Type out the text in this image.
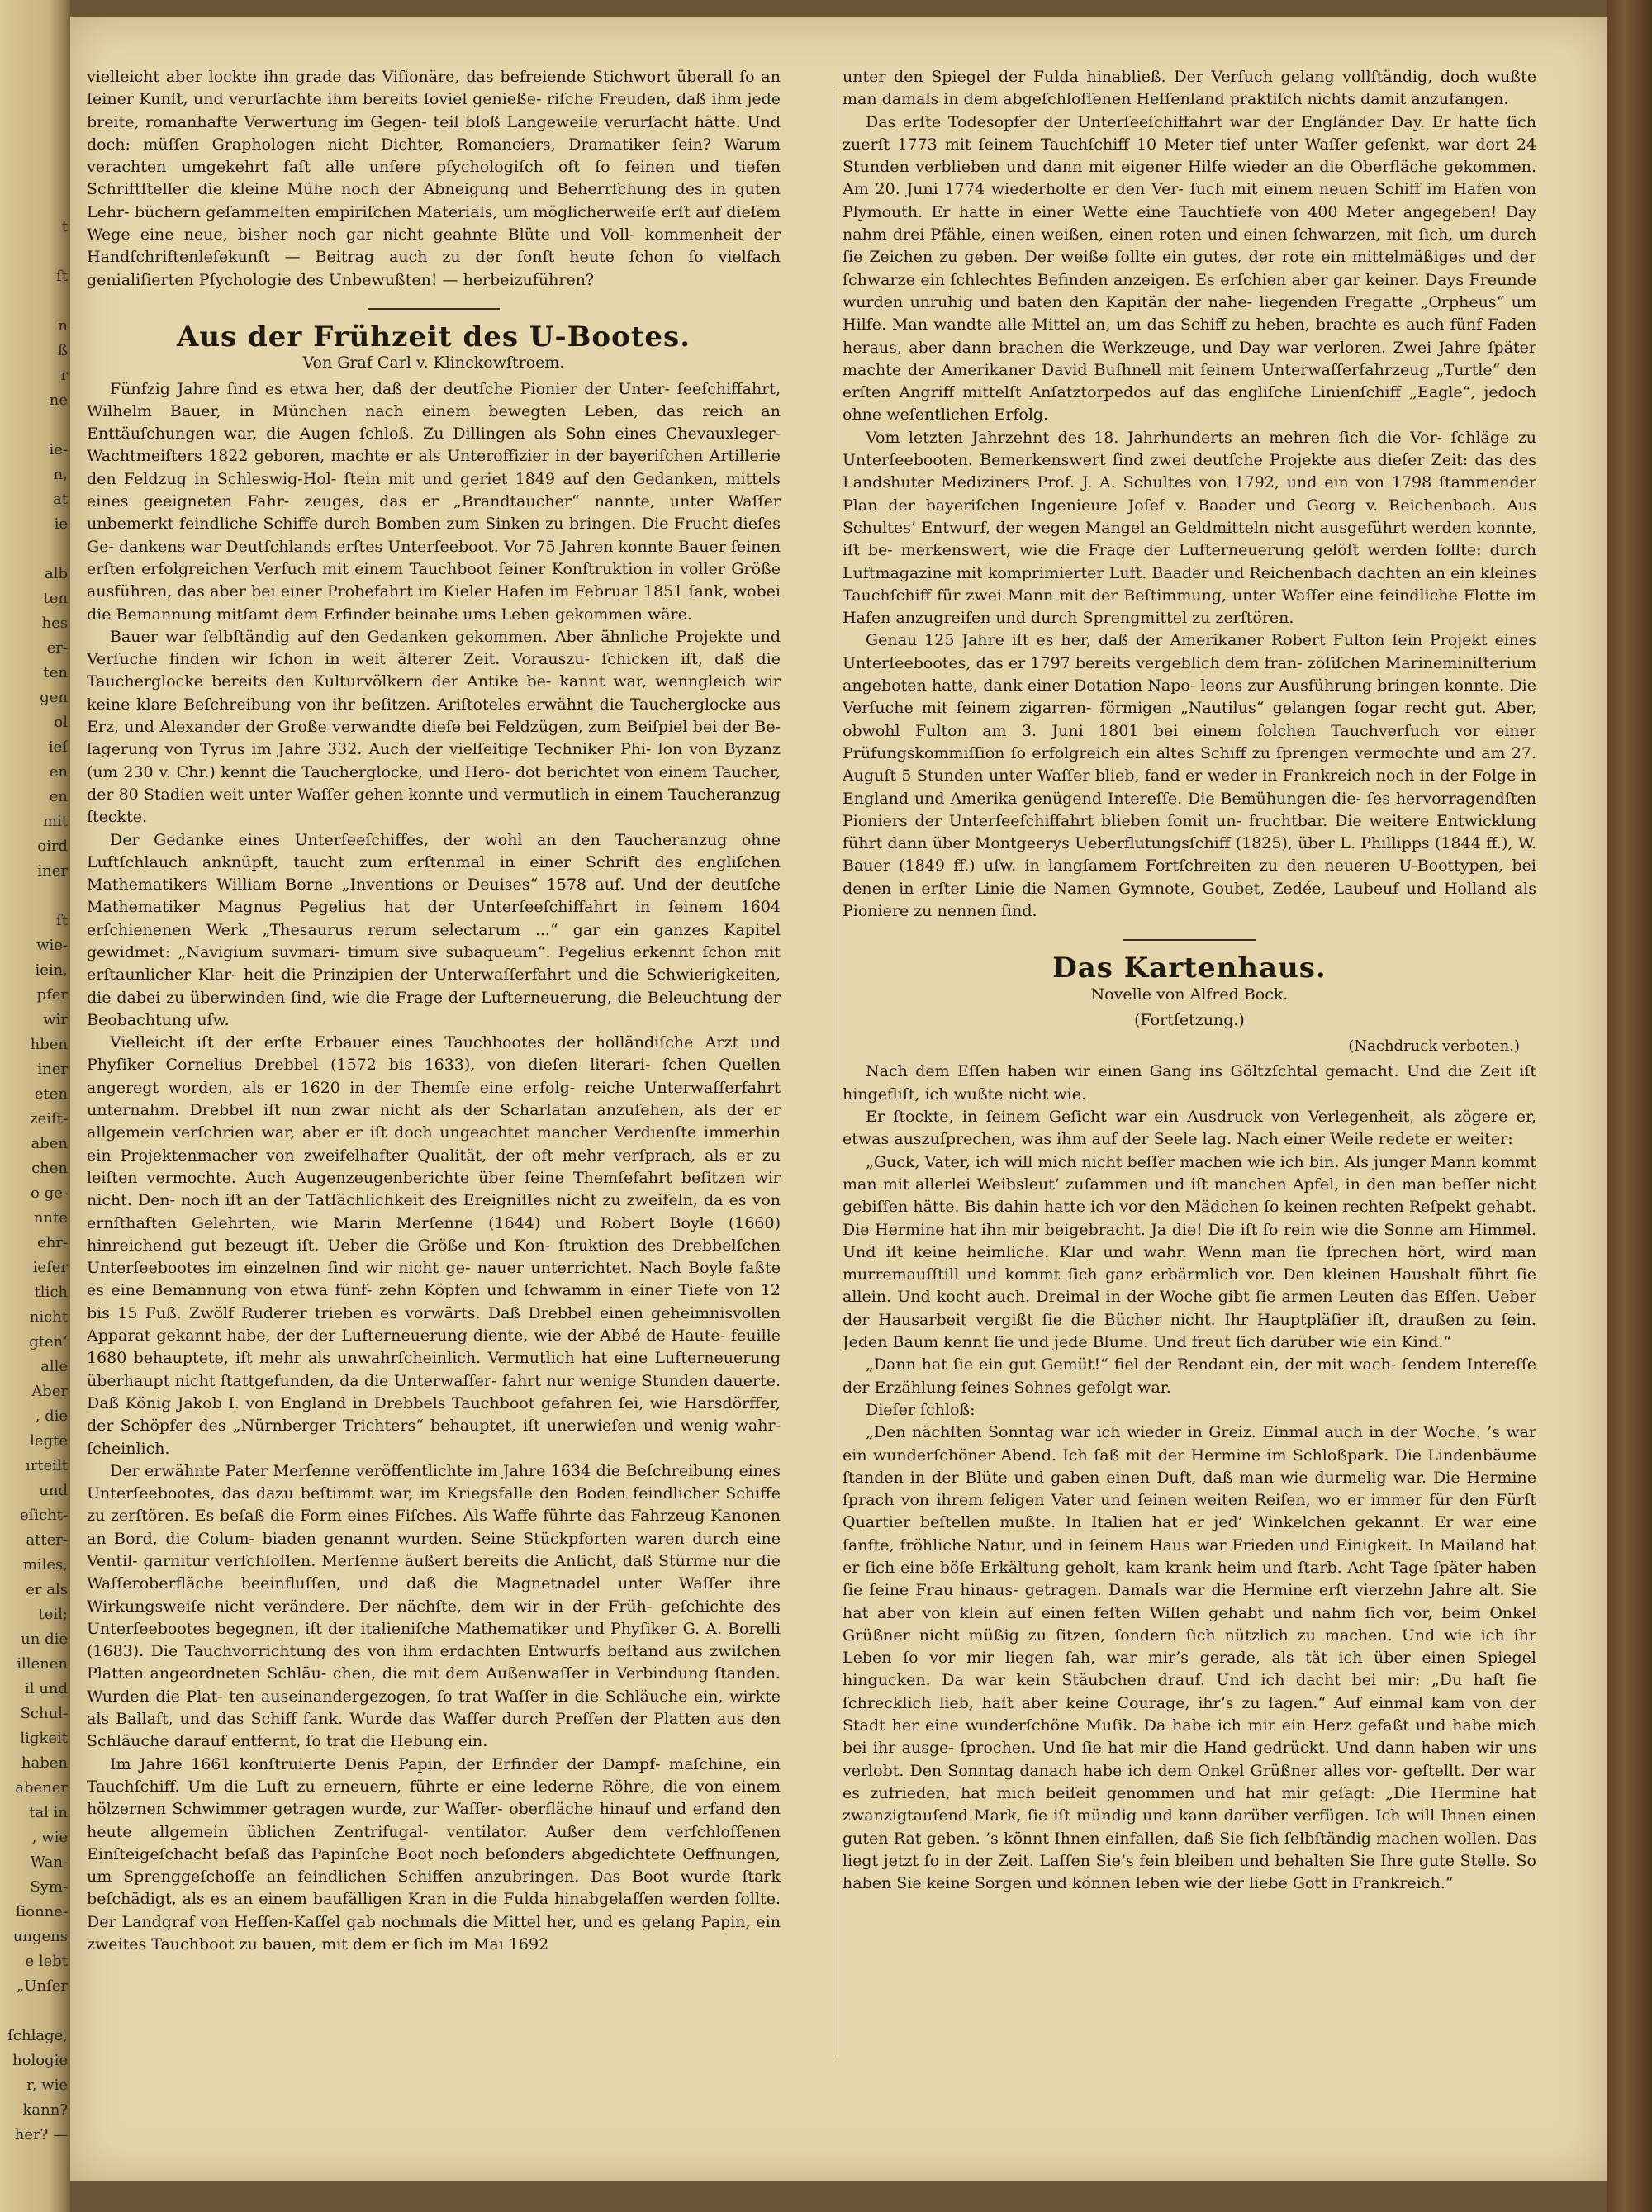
t

ſt

n
ß
r
ne

ie‐
n,
at
ie

alb
ten
hes
er‐
ten
gen
ol
ieſ
en
en
mit
oird
iner

ſt
wie‐
iein,
pfer
wir
hben
iner
eten
zeiſt‐
aben
chen
o ge‐
nnte
ehr‐
ieſer
tlich
nicht
gten‘
alle
Aber
‚ die
legte
ırteilt
und
eſicht‐
atter‐
miles,
er als
teil;
un die
illenen
il und
Schul‐
ligkeit
haben
abener
tal in
, wie
Wan‐
Sym‐
ſionne‐
ungens
e lebt
„Unſer

ſchlage,
hologie
r, wie
kann?
her? —

vielleicht aber lockte ihn grade das Viſionäre, das befreiende Stichwort überall ſo an ſeiner Kunſt, und verurſachte ihm bereits ſoviel genieße‐ riſche Freuden, daß ihm jede breite, romanhafte Verwertung im Gegen‐ teil bloß Langeweile verurſacht hätte. Und doch: müſſen Graphologen nicht Dichter, Romanciers, Dramatiker ſein? Warum verachten umgekehrt faſt alle unſere pſychologiſch oft ſo feinen und tiefen Schriftſteller die kleine Mühe noch der Abneigung und Beherrſchung des in guten Lehr‐ büchern geſammelten empiriſchen Materials, um möglicherweiſe erſt auf dieſem Wege eine neue, bisher noch gar nicht geahnte Blüte und Voll‐ kommenheit der Handſchriftenleſekunſt — Beitrag auch zu der ſonſt heute ſchon ſo vielfach genialiſierten Pſychologie des Unbewußten! — herbeizuführen?

Aus der Frühzeit des U‐Bootes.
Von Graf Carl v. Klinckowſtroem.

Fünfzig Jahre ſind es etwa her, daß der deutſche Pionier der Unter‐ ſeeſchiffahrt, Wilhelm Bauer, in München nach einem bewegten Leben, das reich an Enttäuſchungen war, die Augen ſchloß. Zu Dillingen als Sohn eines Chevauxleger‐Wachtmeiſters 1822 geboren, machte er als Unteroffizier in der bayeriſchen Artillerie den Feldzug in Schleswig‐Hol‐ ſtein mit und geriet 1849 auf den Gedanken, mittels eines geeigneten Fahr‐ zeuges, das er „Brandtaucher“ nannte, unter Waſſer unbemerkt feindliche Schiffe durch Bomben zum Sinken zu bringen. Die Frucht dieſes Ge‐ dankens war Deutſchlands erſtes Unterſeeboot. Vor 75 Jahren konnte Bauer ſeinen erſten erfolgreichen Verſuch mit einem Tauchboot ſeiner Konſtruktion in voller Größe ausführen, das aber bei einer Probefahrt im Kieler Hafen im Februar 1851 ſank, wobei die Bemannung mitſamt dem Erfinder beinahe ums Leben gekommen wäre.

Bauer war ſelbſtändig auf den Gedanken gekommen. Aber ähnliche Projekte und Verſuche finden wir ſchon in weit älterer Zeit. Vorauszu‐ ſchicken iſt, daß die Taucherglocke bereits den Kulturvölkern der Antike be‐ kannt war, wenngleich wir keine klare Beſchreibung von ihr beſitzen. Ariſtoteles erwähnt die Taucherglocke aus Erz, und Alexander der Große verwandte dieſe bei Feldzügen, zum Beiſpiel bei der Be‐ lagerung von Tyrus im Jahre 332. Auch der vielſeitige Techniker Phi‐ lon von Byzanz (um 230 v. Chr.) kennt die Taucherglocke, und Hero‐ dot berichtet von einem Taucher, der 80 Stadien weit unter Waſſer gehen konnte und vermutlich in einem Taucheranzug ſteckte.

Der Gedanke eines Unterſeeſchiffes, der wohl an den Taucheranzug ohne Luftſchlauch anknüpft, taucht zum erſtenmal in einer Schrift des engliſchen Mathematikers William Borne „Inventions or Deuises“ 1578 auf. Und der deutſche Mathematiker Magnus Pegelius hat der Unterſeeſchiffahrt in ſeinem 1604 erſchienenen Werk „Thesaurus rerum selectarum ...“ gar ein ganzes Kapitel gewidmet: „Navigium suvmari‐ timum sive subaqueum“. Pegelius erkennt ſchon mit erſtaunlicher Klar‐ heit die Prinzipien der Unterwaſſerfahrt und die Schwierigkeiten, die dabei zu überwinden ſind, wie die Frage der Lufterneuerung, die Beleuchtung der Beobachtung uſw.

Vielleicht iſt der erſte Erbauer eines Tauchbootes der holländiſche Arzt und Phyſiker Cornelius Drebbel (1572 bis 1633), von dieſen literari‐ ſchen Quellen angeregt worden, als er 1620 in der Themſe eine erfolg‐ reiche Unterwaſſerfahrt unternahm. Drebbel iſt nun zwar nicht als der Scharlatan anzuſehen, als der er allgemein verſchrien war, aber er iſt doch ungeachtet mancher Verdienſte immerhin ein Projektenmacher von zweifelhafter Qualität, der oft mehr verſprach, als er zu leiſten vermochte. Auch Augenzeugenberichte über ſeine Themſefahrt beſitzen wir nicht. Den‐ noch iſt an der Tatſächlichkeit des Ereigniſſes nicht zu zweifeln, da es von ernſthaften Gelehrten, wie Marin Merſenne (1644) und Robert Boyle (1660) hinreichend gut bezeugt iſt. Ueber die Größe und Kon‐ ſtruktion des Drebbelſchen Unterſeebootes im einzelnen ſind wir nicht ge‐ nauer unterrichtet. Nach Boyle faßte es eine Bemannung von etwa fünf‐ zehn Köpfen und ſchwamm in einer Tiefe von 12 bis 15 Fuß. Zwölf Ruderer trieben es vorwärts. Daß Drebbel einen geheimnisvollen Apparat gekannt habe, der der Lufterneuerung diente, wie der Abbé de Haute‐ feuille 1680 behauptete, iſt mehr als unwahrſcheinlich. Vermutlich hat eine Lufterneuerung überhaupt nicht ſtattgefunden, da die Unterwaſſer‐ fahrt nur wenige Stunden dauerte. Daß König Jakob I. von England in Drebbels Tauchboot gefahren ſei, wie Harsdörffer, der Schöpfer des „Nürnberger Trichters“ behauptet, iſt unerwieſen und wenig wahr‐ ſcheinlich.

Der erwähnte Pater Merſenne veröffentlichte im Jahre 1634 die Beſchreibung eines Unterſeebootes, das dazu beſtimmt war, im Kriegsfalle den Boden feindlicher Schiffe zu zerſtören. Es beſaß die Form eines Fiſches. Als Waffe führte das Fahrzeug Kanonen an Bord, die Colum‐ biaden genannt wurden. Seine Stückpforten waren durch eine Ventil‐ garnitur verſchloſſen. Merſenne äußert bereits die Anſicht, daß Stürme nur die Waſſeroberfläche beeinfluſſen, und daß die Magnetnadel unter Waſſer ihre Wirkungsweiſe nicht verändere. Der nächſte, dem wir in der Früh‐ geſchichte des Unterſeebootes begegnen, iſt der italieniſche Mathematiker und Phyſiker G. A. Borelli (1683). Die Tauchvorrichtung des von ihm erdachten Entwurfs beſtand aus zwiſchen Platten angeordneten Schläu‐ chen, die mit dem Außenwaſſer in Verbindung ſtanden. Wurden die Plat‐ ten auseinandergezogen, ſo trat Waſſer in die Schläuche ein, wirkte als Ballaſt, und das Schiff ſank. Wurde das Waſſer durch Preſſen der Platten aus den Schläuche darauf entfernt, ſo trat die Hebung ein.

Im Jahre 1661 konſtruierte Denis Papin, der Erfinder der Dampf‐ maſchine, ein Tauchſchiff. Um die Luft zu erneuern, führte er eine lederne Röhre, die von einem hölzernen Schwimmer getragen wurde, zur Waſſer‐ oberfläche hinauf und erfand den heute allgemein üblichen Zentrifugal‐ ventilator. Außer dem verſchloſſenen Einſteigeſchacht beſaß das Papinſche Boot noch beſonders abgedichtete Oeffnungen, um Sprenggeſchoſſe an feindlichen Schiffen anzubringen. Das Boot wurde ſtark beſchädigt, als es an einem baufälligen Kran in die Fulda hinabgelaſſen werden ſollte. Der Landgraf von Heſſen‐Kaſſel gab nochmals die Mittel her, und es gelang Papin, ein zweites Tauchboot zu bauen, mit dem er ſich im Mai 1692

unter den Spiegel der Fulda hinabließ. Der Verſuch gelang vollſtändig, doch wußte man damals in dem abgeſchloſſenen Heſſenland praktiſch nichts damit anzufangen.

Das erſte Todesopfer der Unterſeeſchiffahrt war der Engländer Day. Er hatte ſich zuerſt 1773 mit ſeinem Tauchſchiff 10 Meter tief unter Waſſer geſenkt, war dort 24 Stunden verblieben und dann mit eigener Hilfe wieder an die Oberfläche gekommen. Am 20. Juni 1774 wiederholte er den Ver‐ ſuch mit einem neuen Schiff im Hafen von Plymouth. Er hatte in einer Wette eine Tauchtiefe von 400 Meter angegeben! Day nahm drei Pfähle, einen weißen, einen roten und einen ſchwarzen, mit ſich, um durch ſie Zeichen zu geben. Der weiße ſollte ein gutes, der rote ein mittelmäßiges und der ſchwarze ein ſchlechtes Befinden anzeigen. Es erſchien aber gar keiner. Days Freunde wurden unruhig und baten den Kapitän der nahe‐ liegenden Fregatte „Orpheus“ um Hilfe. Man wandte alle Mittel an, um das Schiff zu heben, brachte es auch fünf Faden heraus, aber dann brachen die Werkzeuge, und Day war verloren. Zwei Jahre ſpäter machte der Amerikaner David Buſhnell mit ſeinem Unterwaſſerfahrzeug „Turtle“ den erſten Angriff mittelſt Anſatztorpedos auf das engliſche Linienſchiff „Eagle“, jedoch ohne weſentlichen Erfolg.

Vom letzten Jahrzehnt des 18. Jahrhunderts an mehren ſich die Vor‐ ſchläge zu Unterſeebooten. Bemerkenswert ſind zwei deutſche Projekte aus dieſer Zeit: das des Landshuter Mediziners Prof. J. A. Schultes von 1792, und ein von 1798 ſtammender Plan der bayeriſchen Ingenieure Joſef v. Baader und Georg v. Reichenbach. Aus Schultes’ Entwurf, der wegen Mangel an Geldmitteln nicht ausgeführt werden konnte, iſt be‐ merkenswert, wie die Frage der Lufterneuerung gelöſt werden ſollte: durch Luftmagazine mit komprimierter Luft. Baader und Reichenbach dachten an ein kleines Tauchſchiff für zwei Mann mit der Beſtimmung, unter Waſſer eine feindliche Flotte im Hafen anzugreifen und durch Sprengmittel zu zerſtören.

Genau 125 Jahre iſt es her, daß der Amerikaner Robert Fulton ſein Projekt eines Unterſeebootes, das er 1797 bereits vergeblich dem fran‐ zöſiſchen Marineminiſterium angeboten hatte, dank einer Dotation Napo‐ leons zur Ausführung bringen konnte. Die Verſuche mit ſeinem zigarren‐ förmigen „Nautilus“ gelangen ſogar recht gut. Aber, obwohl Fulton am 3. Juni 1801 bei einem ſolchen Tauchverſuch vor einer Prüfungskommiſſion ſo erfolgreich ein altes Schiff zu ſprengen vermochte und am 27. Auguſt 5 Stunden unter Waſſer blieb, fand er weder in Frankreich noch in der Folge in England und Amerika genügend Intereſſe. Die Bemühungen die‐ ſes hervorragendſten Pioniers der Unterſeeſchiffahrt blieben ſomit un‐ fruchtbar. Die weitere Entwicklung führt dann über Montgeerys Ueberflutungsſchiff (1825), über L. Phillipps (1844 ff.), W. Bauer (1849 ff.) uſw. in langſamem Fortſchreiten zu den neueren U‐Boottypen, bei denen in erſter Linie die Namen Gymnote, Goubet, Zedée, Laubeuf und Holland als Pioniere zu nennen ſind.

Das Kartenhaus.
Novelle von Alfred Bock.
(Fortſetzung.)
(Nachdruck verboten.)

Nach dem Eſſen haben wir einen Gang ins Göltzſchtal gemacht. Und die Zeit iſt hingefliſt, ich wußte nicht wie.

Er ſtockte, in ſeinem Geſicht war ein Ausdruck von Verlegenheit, als zögere er, etwas auszuſprechen, was ihm auf der Seele lag. Nach einer Weile redete er weiter:

„Guck, Vater, ich will mich nicht beſſer machen wie ich bin. Als junger Mann kommt man mit allerlei Weibsleut’ zuſammen und iſt manchen Apfel, in den man beſſer nicht gebiſſen hätte. Bis dahin hatte ich vor den Mädchen ſo keinen rechten Reſpekt gehabt. Die Hermine hat ihn mir beigebracht. Ja die! Die iſt ſo rein wie die Sonne am Himmel. Und iſt keine heimliche. Klar und wahr. Wenn man ſie ſprechen hört, wird man murremauſſtill und kommt ſich ganz erbärmlich vor. Den kleinen Haushalt führt ſie allein. Und kocht auch. Dreimal in der Woche gibt ſie armen Leuten das Eſſen. Ueber der Hausarbeit vergißt ſie die Bücher nicht. Ihr Hauptpläſier iſt, draußen zu ſein. Jeden Baum kennt ſie und jede Blume. Und freut ſich darüber wie ein Kind.“

„Dann hat ſie ein gut Gemüt!“ fiel der Rendant ein, der mit wach‐ ſendem Intereſſe der Erzählung ſeines Sohnes gefolgt war.

Dieſer ſchloß:

„Den nächſten Sonntag war ich wieder in Greiz. Einmal auch in der Woche. ’s war ein wunderſchöner Abend. Ich ſaß mit der Hermine im Schloßpark. Die Lindenbäume ſtanden in der Blüte und gaben einen Duft, daß man wie durmelig war. Die Hermine ſprach von ihrem ſeligen Vater und ſeinen weiten Reiſen, wo er immer für den Fürſt Quartier beſtellen mußte. In Italien hat er jed’ Winkelchen gekannt. Er war eine ſanfte, fröhliche Natur, und in ſeinem Haus war Frieden und Einigkeit. In Mailand hat er ſich eine böſe Erkältung geholt, kam krank heim und ſtarb. Acht Tage ſpäter haben ſie ſeine Frau hinaus‐ getragen. Damals war die Hermine erſt vierzehn Jahre alt. Sie hat aber von klein auf einen feſten Willen gehabt und nahm ſich vor, beim Onkel Grüßner nicht müßig zu ſitzen, ſondern ſich nützlich zu machen. Und wie ich ihr Leben ſo vor mir liegen ſah, war mir’s gerade, als tät ich über einen Spiegel hingucken. Da war kein Stäubchen drauf. Und ich dacht bei mir: „Du haſt ſie ſchrecklich lieb, haſt aber keine Courage, ihr’s zu ſagen.“ Auf einmal kam von der Stadt her eine wunderſchöne Muſik. Da habe ich mir ein Herz gefaßt und habe mich bei ihr ausge‐ ſprochen. Und ſie hat mir die Hand gedrückt. Und dann haben wir uns verlobt. Den Sonntag danach habe ich dem Onkel Grüßner alles vor‐ geſtellt. Der war es zufrieden, hat mich beiſeit genommen und hat mir geſagt: „Die Hermine hat zwanzigtauſend Mark, ſie iſt mündig und kann darüber verfügen. Ich will Ihnen einen guten Rat geben. ’s könnt Ihnen einfallen, daß Sie ſich ſelbſtändig machen wollen. Das liegt jetzt ſo in der Zeit. Laſſen Sie’s fein bleiben und behalten Sie Ihre gute Stelle. So haben Sie keine Sorgen und können leben wie der liebe Gott in Frankreich.“
